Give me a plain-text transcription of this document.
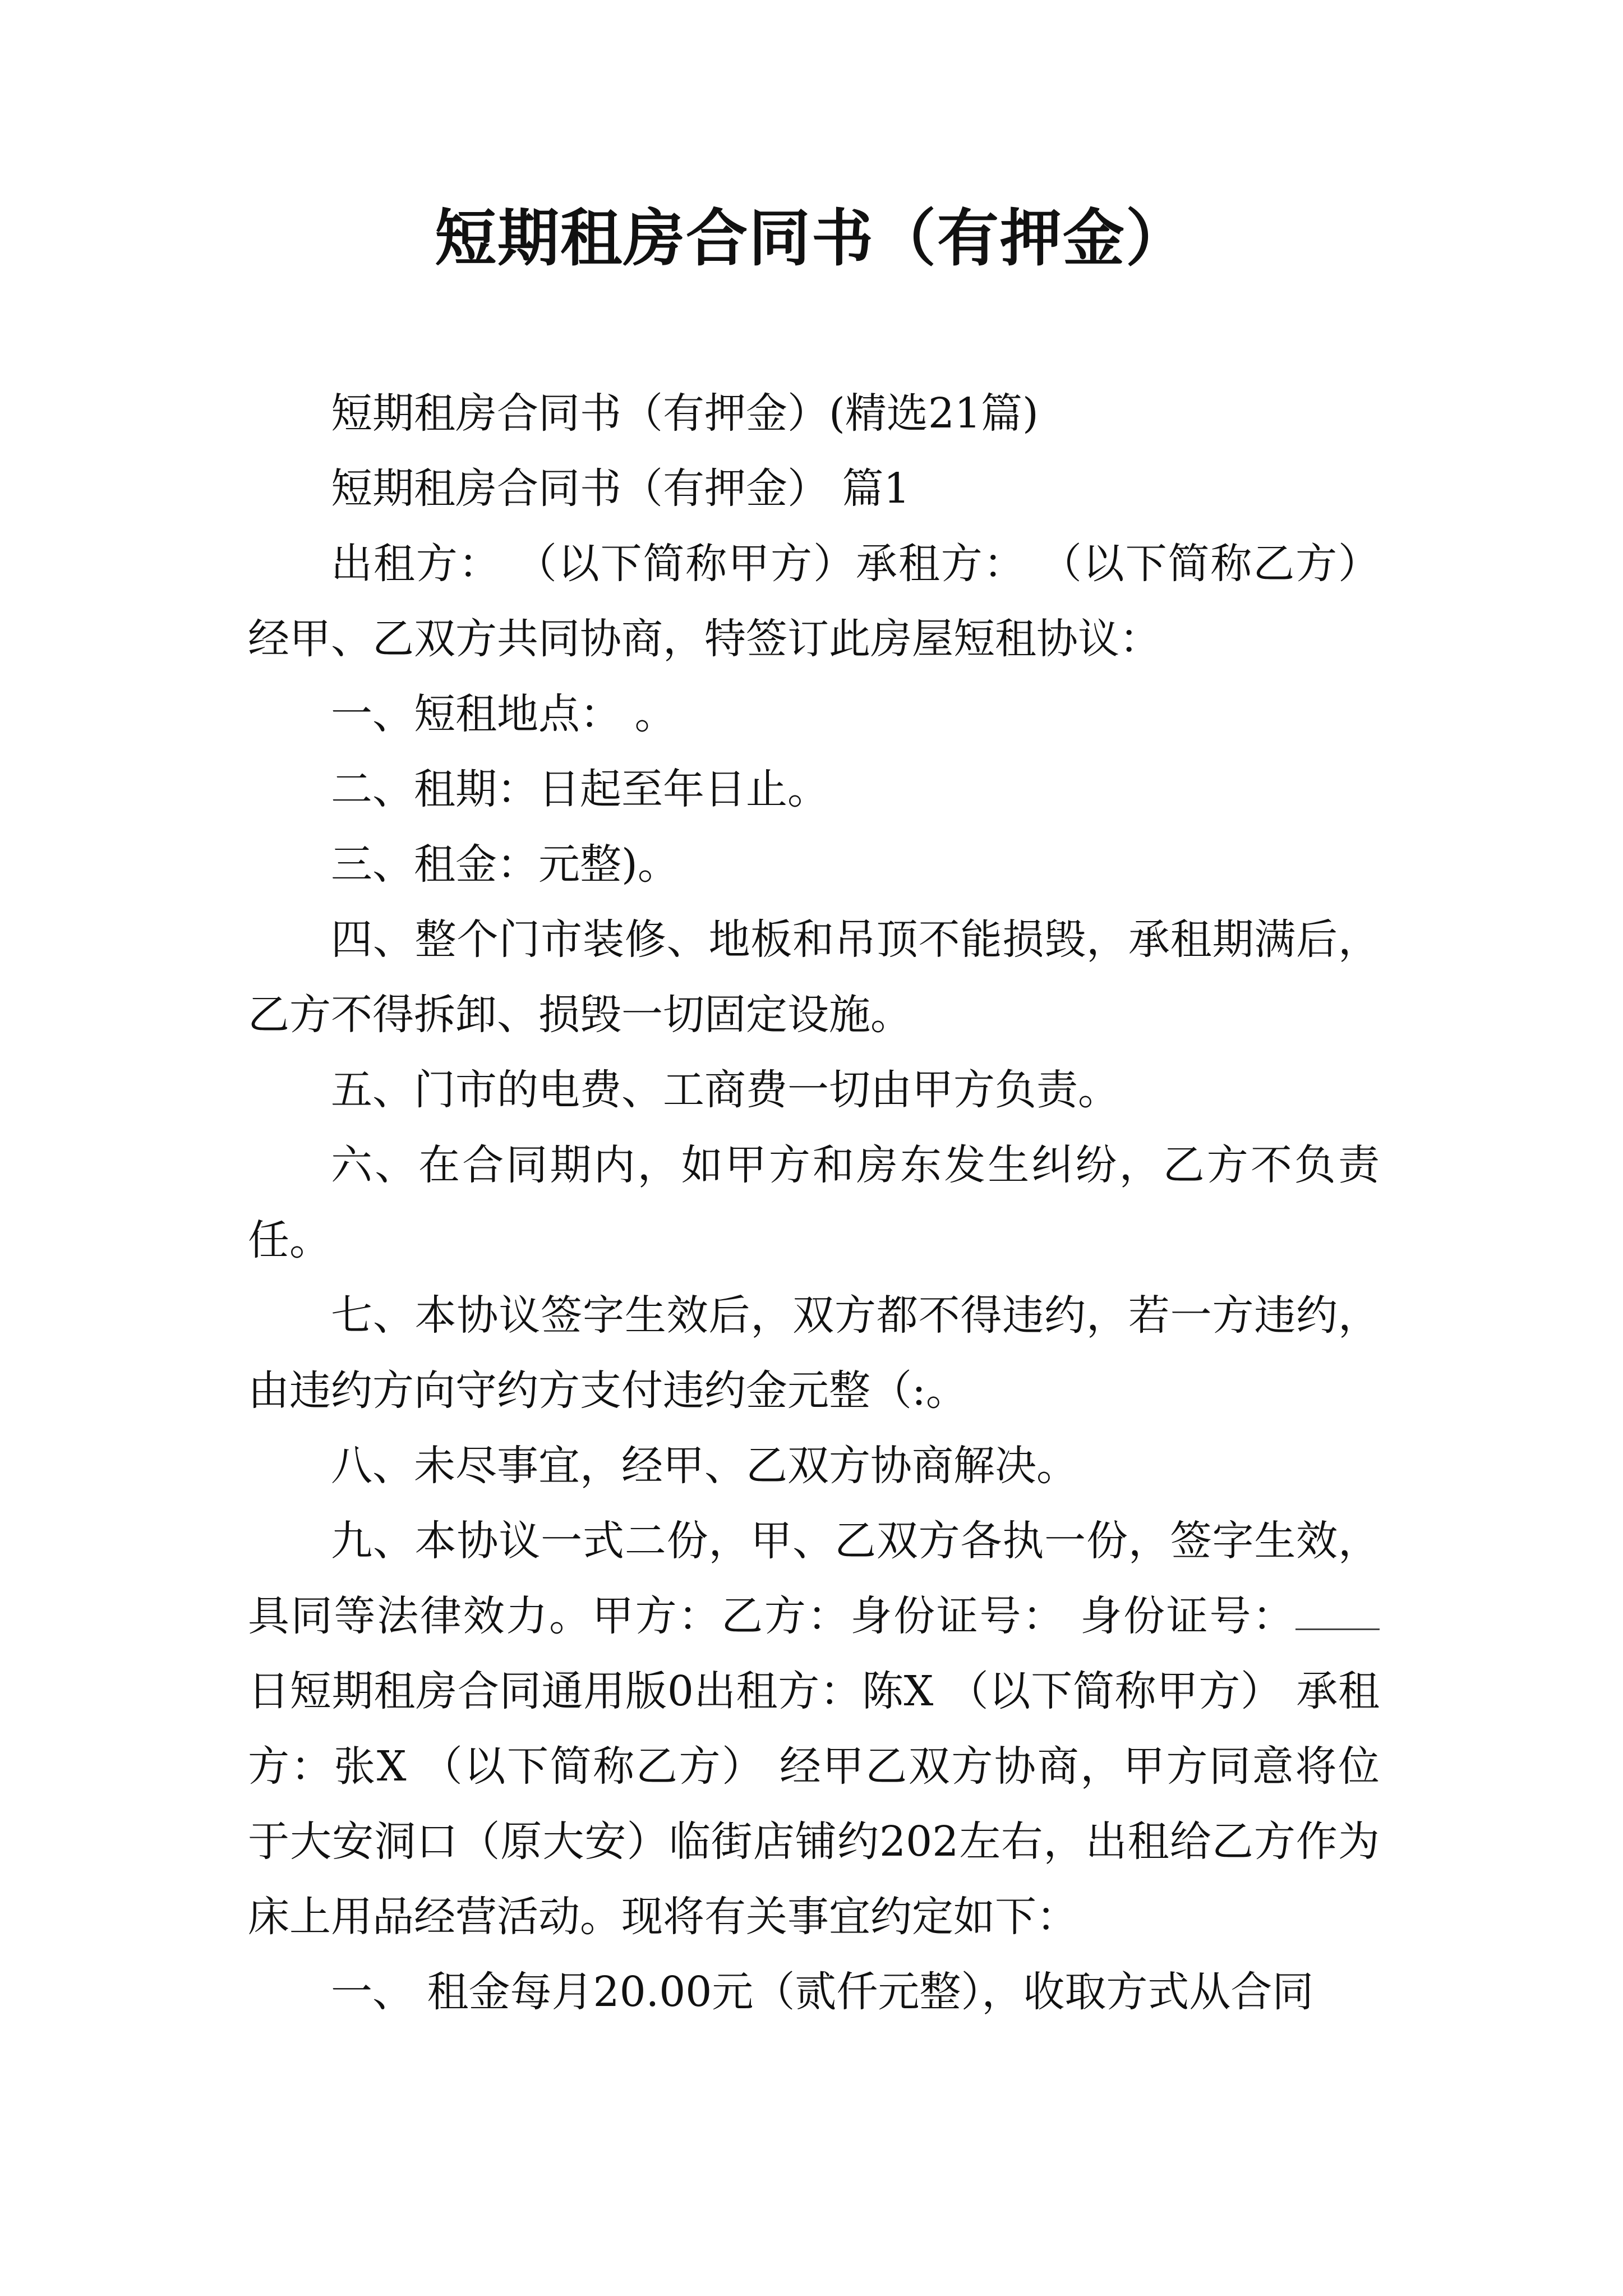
短期租房合同书（有押金）

短期租房合同书（有押金）(精选21篇)

短期租房合同书（有押金） 篇1

出租方： （以下简称甲方）承租方： （以下简称乙方）经甲、乙双方共同协商，特签订此房屋短租协议：

一、短租地点： 。

二、租期：日起至年日止。

三、租金：元整)。

四、整个门市装修、地板和吊顶不能损毁，承租期满后，乙方不得拆卸、损毁一切固定设施。

五、门市的电费、工商费一切由甲方负责。

六、在合同期内，如甲方和房东发生纠纷，乙方不负责任。

七、本协议签字生效后，双方都不得违约，若一方违约，由违约方向守约方支付违约金元整（:。

八、未尽事宜，经甲、乙双方协商解决。

九、本协议一式二份，甲、乙双方各执一份，签字生效，具同等法律效力。甲方：乙方：身份证号： 身份证号：日短期租房合同通用版0出租方：陈X （以下简称甲方） 承租方：张X （以下简称乙方） 经甲乙双方协商，甲方同意将位于大安洞口（原大安）临街店铺约202左右，出租给乙方作为床上用品经营活动。现将有关事宜约定如下：

一、 租金每月20.00元（贰仟元整），收取方式从合同
